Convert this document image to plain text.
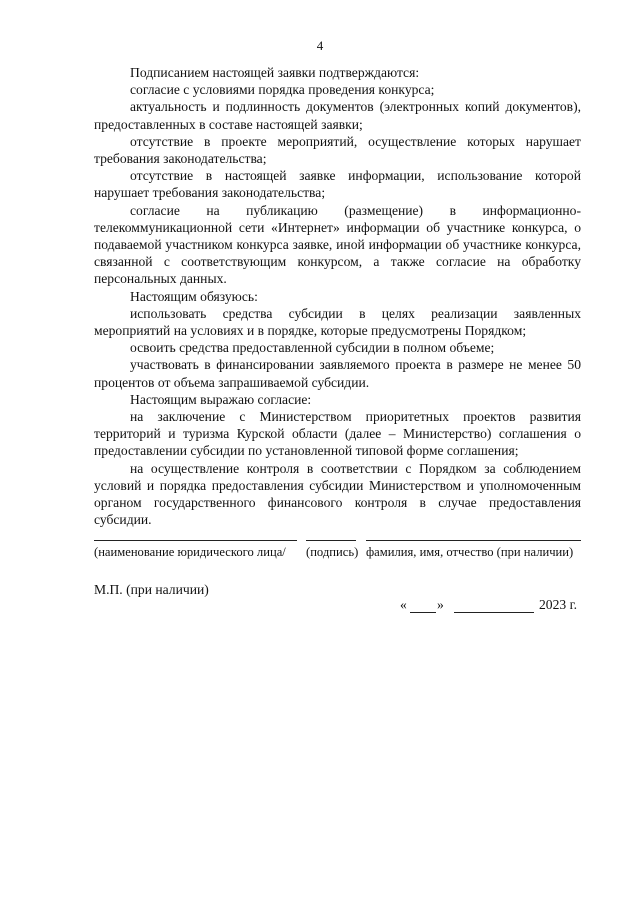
4

Подписанием настоящей заявки подтверждаются:

согласие с условиями порядка проведения конкурса;

актуальность и подлинность документов (электронных копий документов), предоставленных в составе настоящей заявки;

отсутствие в проекте мероприятий, осуществление которых нарушает требования законодательства;

отсутствие в настоящей заявке информации, использование которой нарушает требования законодательства;

согласие на публикацию (размещение) в информационно-телекоммуникационной сети «Интернет» информации об участнике конкурса, о подаваемой участником конкурса заявке, иной информации об участнике конкурса, связанной с соответствующим конкурсом, а также согласие на обработку персональных данных.

Настоящим обязуюсь:

использовать средства субсидии в целях реализации заявленных мероприятий на условиях и в порядке, которые предусмотрены Порядком;

освоить средства предоставленной субсидии в полном объеме;

участвовать в финансировании заявляемого проекта в размере не менее 50 процентов от объема запрашиваемой субсидии.

Настоящим выражаю согласие:

на заключение с Министерством приоритетных проектов развития территорий и туризма Курской области (далее – Министерство) соглашения о предоставлении субсидии по установленной типовой форме соглашения;

на осуществление контроля в соответствии с Порядком за соблюдением условий и порядка предоставления субсидии Министерством и уполномоченным органом государственного финансового контроля в случае предоставления субсидии.

(наименование юридического лица/ (подпись) фамилия, имя, отчество (при наличии)
М.П. (при наличии)
« »	2023 г.
